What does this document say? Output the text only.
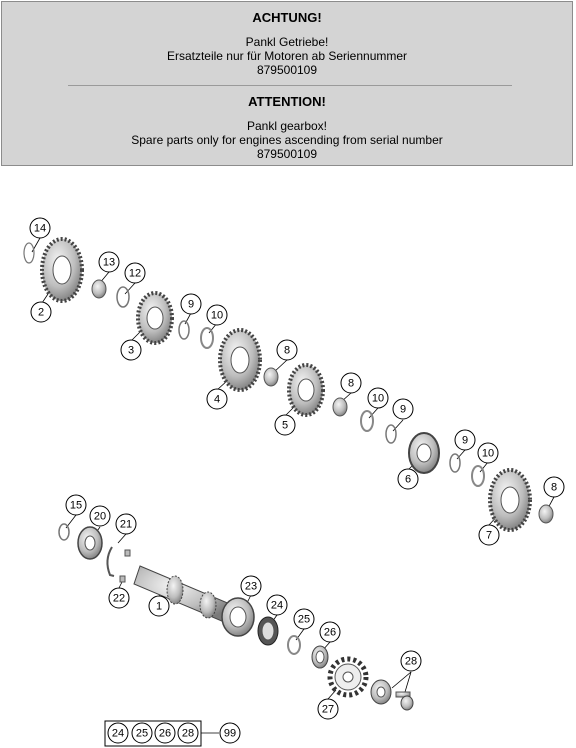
ACHTUNG!
Pankl Getriebe!
Ersatzteile nur für Motoren ab Seriennummer
879500109
ATTENTION!
Pankl gearbox!
Spare parts only for engines ascending from serial number
879500109
14
13
12
2
9
10
3	8
4
8
10
9
5
9
10
6
8
7
15
20
21
22
1
23
24
25
26
28
27
24 25 26 28	99
